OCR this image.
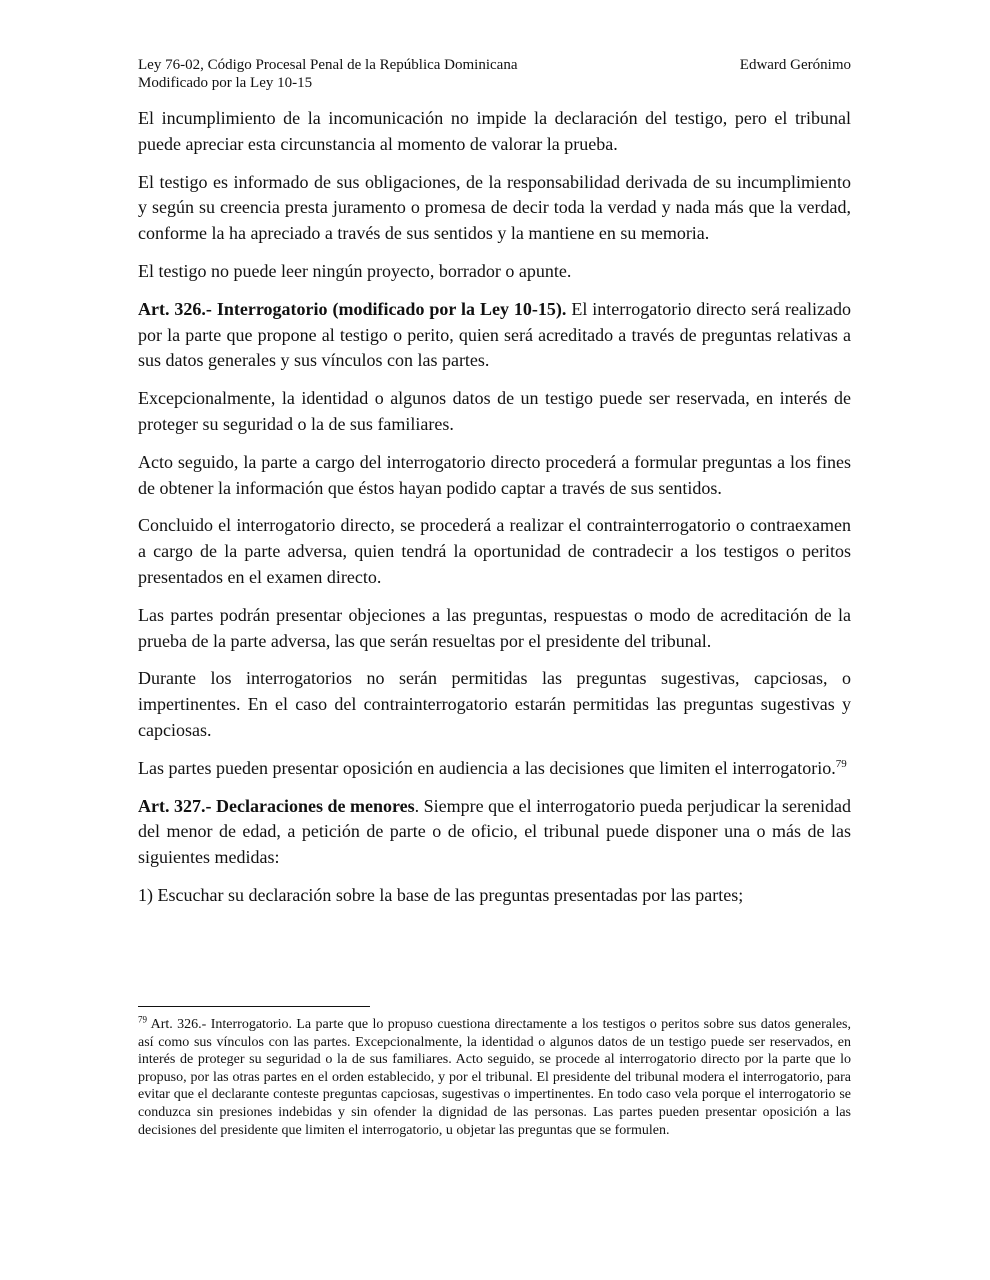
Ley 76-02, Código Procesal Penal de la República Dominicana
Modificado por la Ley 10-15
Edward Gerónimo

El incumplimiento de la incomunicación no impide la declaración del testigo, pero el tribunal puede apreciar esta circunstancia al momento de valorar la prueba.

El testigo es informado de sus obligaciones, de la responsabilidad derivada de su incumplimiento y según su creencia presta juramento o promesa de decir toda la verdad y nada más que la verdad, conforme la ha apreciado a través de sus sentidos y la mantiene en su memoria.

El testigo no puede leer ningún proyecto, borrador o apunte.

Art. 326.- Interrogatorio (modificado por la Ley 10-15). El interrogatorio directo será realizado por la parte que propone al testigo o perito, quien será acreditado a través de preguntas relativas a sus datos generales y sus vínculos con las partes.

Excepcionalmente, la identidad o algunos datos de un testigo puede ser reservada, en interés de proteger su seguridad o la de sus familiares.

Acto seguido, la parte a cargo del interrogatorio directo procederá a formular preguntas a los fines de obtener la información que éstos hayan podido captar a través de sus sentidos.

Concluido el interrogatorio directo, se procederá a realizar el contrainterrogatorio o contraexamen a cargo de la parte adversa, quien tendrá la oportunidad de contradecir a los testigos o peritos presentados en el examen directo.

Las partes podrán presentar objeciones a las preguntas, respuestas o modo de acreditación de la prueba de la parte adversa, las que serán resueltas por el presidente del tribunal.

Durante los interrogatorios no serán permitidas las preguntas sugestivas, capciosas, o impertinentes. En el caso del contrainterrogatorio estarán permitidas las preguntas sugestivas y capciosas.

Las partes pueden presentar oposición en audiencia a las decisiones que limiten el interrogatorio.$^{79}$

Art. 327.- Declaraciones de menores. Siempre que el interrogatorio pueda perjudicar la serenidad del menor de edad, a petición de parte o de oficio, el tribunal puede disponer una o más de las siguientes medidas:

1) Escuchar su declaración sobre la base de las preguntas presentadas por las partes;

$^{79}$ Art. 326.- Interrogatorio. La parte que lo propuso cuestiona directamente a los testigos o peritos sobre sus datos generales, así como sus vínculos con las partes. Excepcionalmente, la identidad o algunos datos de un testigo puede ser reservados, en interés de proteger su seguridad o la de sus familiares. Acto seguido, se procede al interrogatorio directo por la parte que lo propuso, por las otras partes en el orden establecido, y por el tribunal. El presidente del tribunal modera el interrogatorio, para evitar que el declarante conteste preguntas capciosas, sugestivas o impertinentes. En todo caso vela porque el interrogatorio se conduzca sin presiones indebidas y sin ofender la dignidad de las personas. Las partes pueden presentar oposición a las decisiones del presidente que limiten el interrogatorio, u objetar las preguntas que se formulen.
